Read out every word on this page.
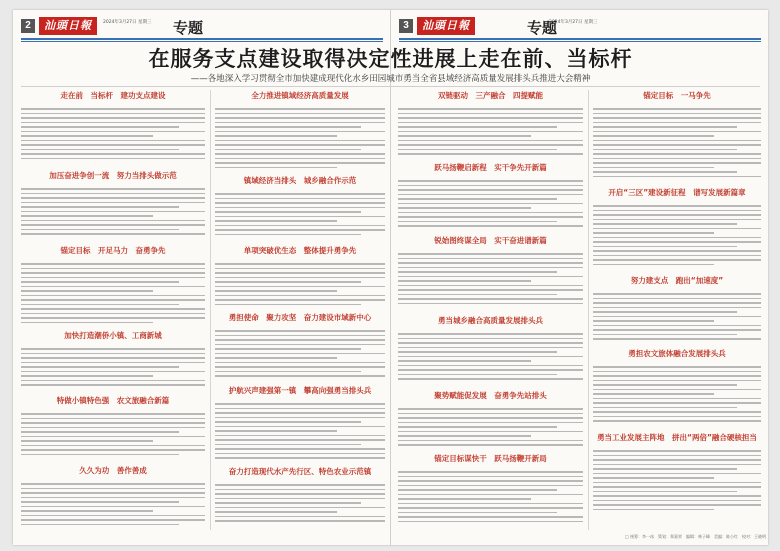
2	汕頭日報	2024年3月27日 星期三	专题	3	汕頭日報	2024年3月27日 星期三
专题
在服务支点建设取得决定性进展上走在前、当标杆
——各地深入学习贯彻全市加快建成现代化水乡田园城市勇当全省县域经济高质量发展排头兵推进大会精神
走在前　当标杆　建功支点建设
加压奋进争创一流　努力当排头做示范
锚定目标　开足马力　奋勇争先
加快打造潮侨小镇、工商新城
特做小镇特色强　农文旅融合新篇
久久为功　善作善成
全力推进镇域经济高质量发展
镇域经济当排头　城乡融合作示范
单项突破优生态　整体提升勇争先
勇担使命　聚力攻坚　奋力建设市域新中心
护航兴声建强第一镇　攀高向强勇当排头兵
奋力打造现代水产先行区、特色农业示范镇
双链驱动　三产融合　四提赋能
跃马扬鞭启新程　实干争先开新篇
锐始图终谋全局　实干奋进谱新篇
勇当城乡融合高质量发展排头兵
聚势赋能促发展　奋勇争先站排头
锚定目标谋快干　跃马扬鞭开新局
锚定目标　一马争先
开启“三区”建设新征程　谱写发展新篇章
努力建支点　跑出“加速度”
勇担农文旅体融合发展排头兵
勇当工业发展主阵地　拼出“两倍”融合硬核担当
□ 统筹：李一冰　策划：郑嘉荣　编辑：林子峰　美编：陈小红　校对：王晓明
